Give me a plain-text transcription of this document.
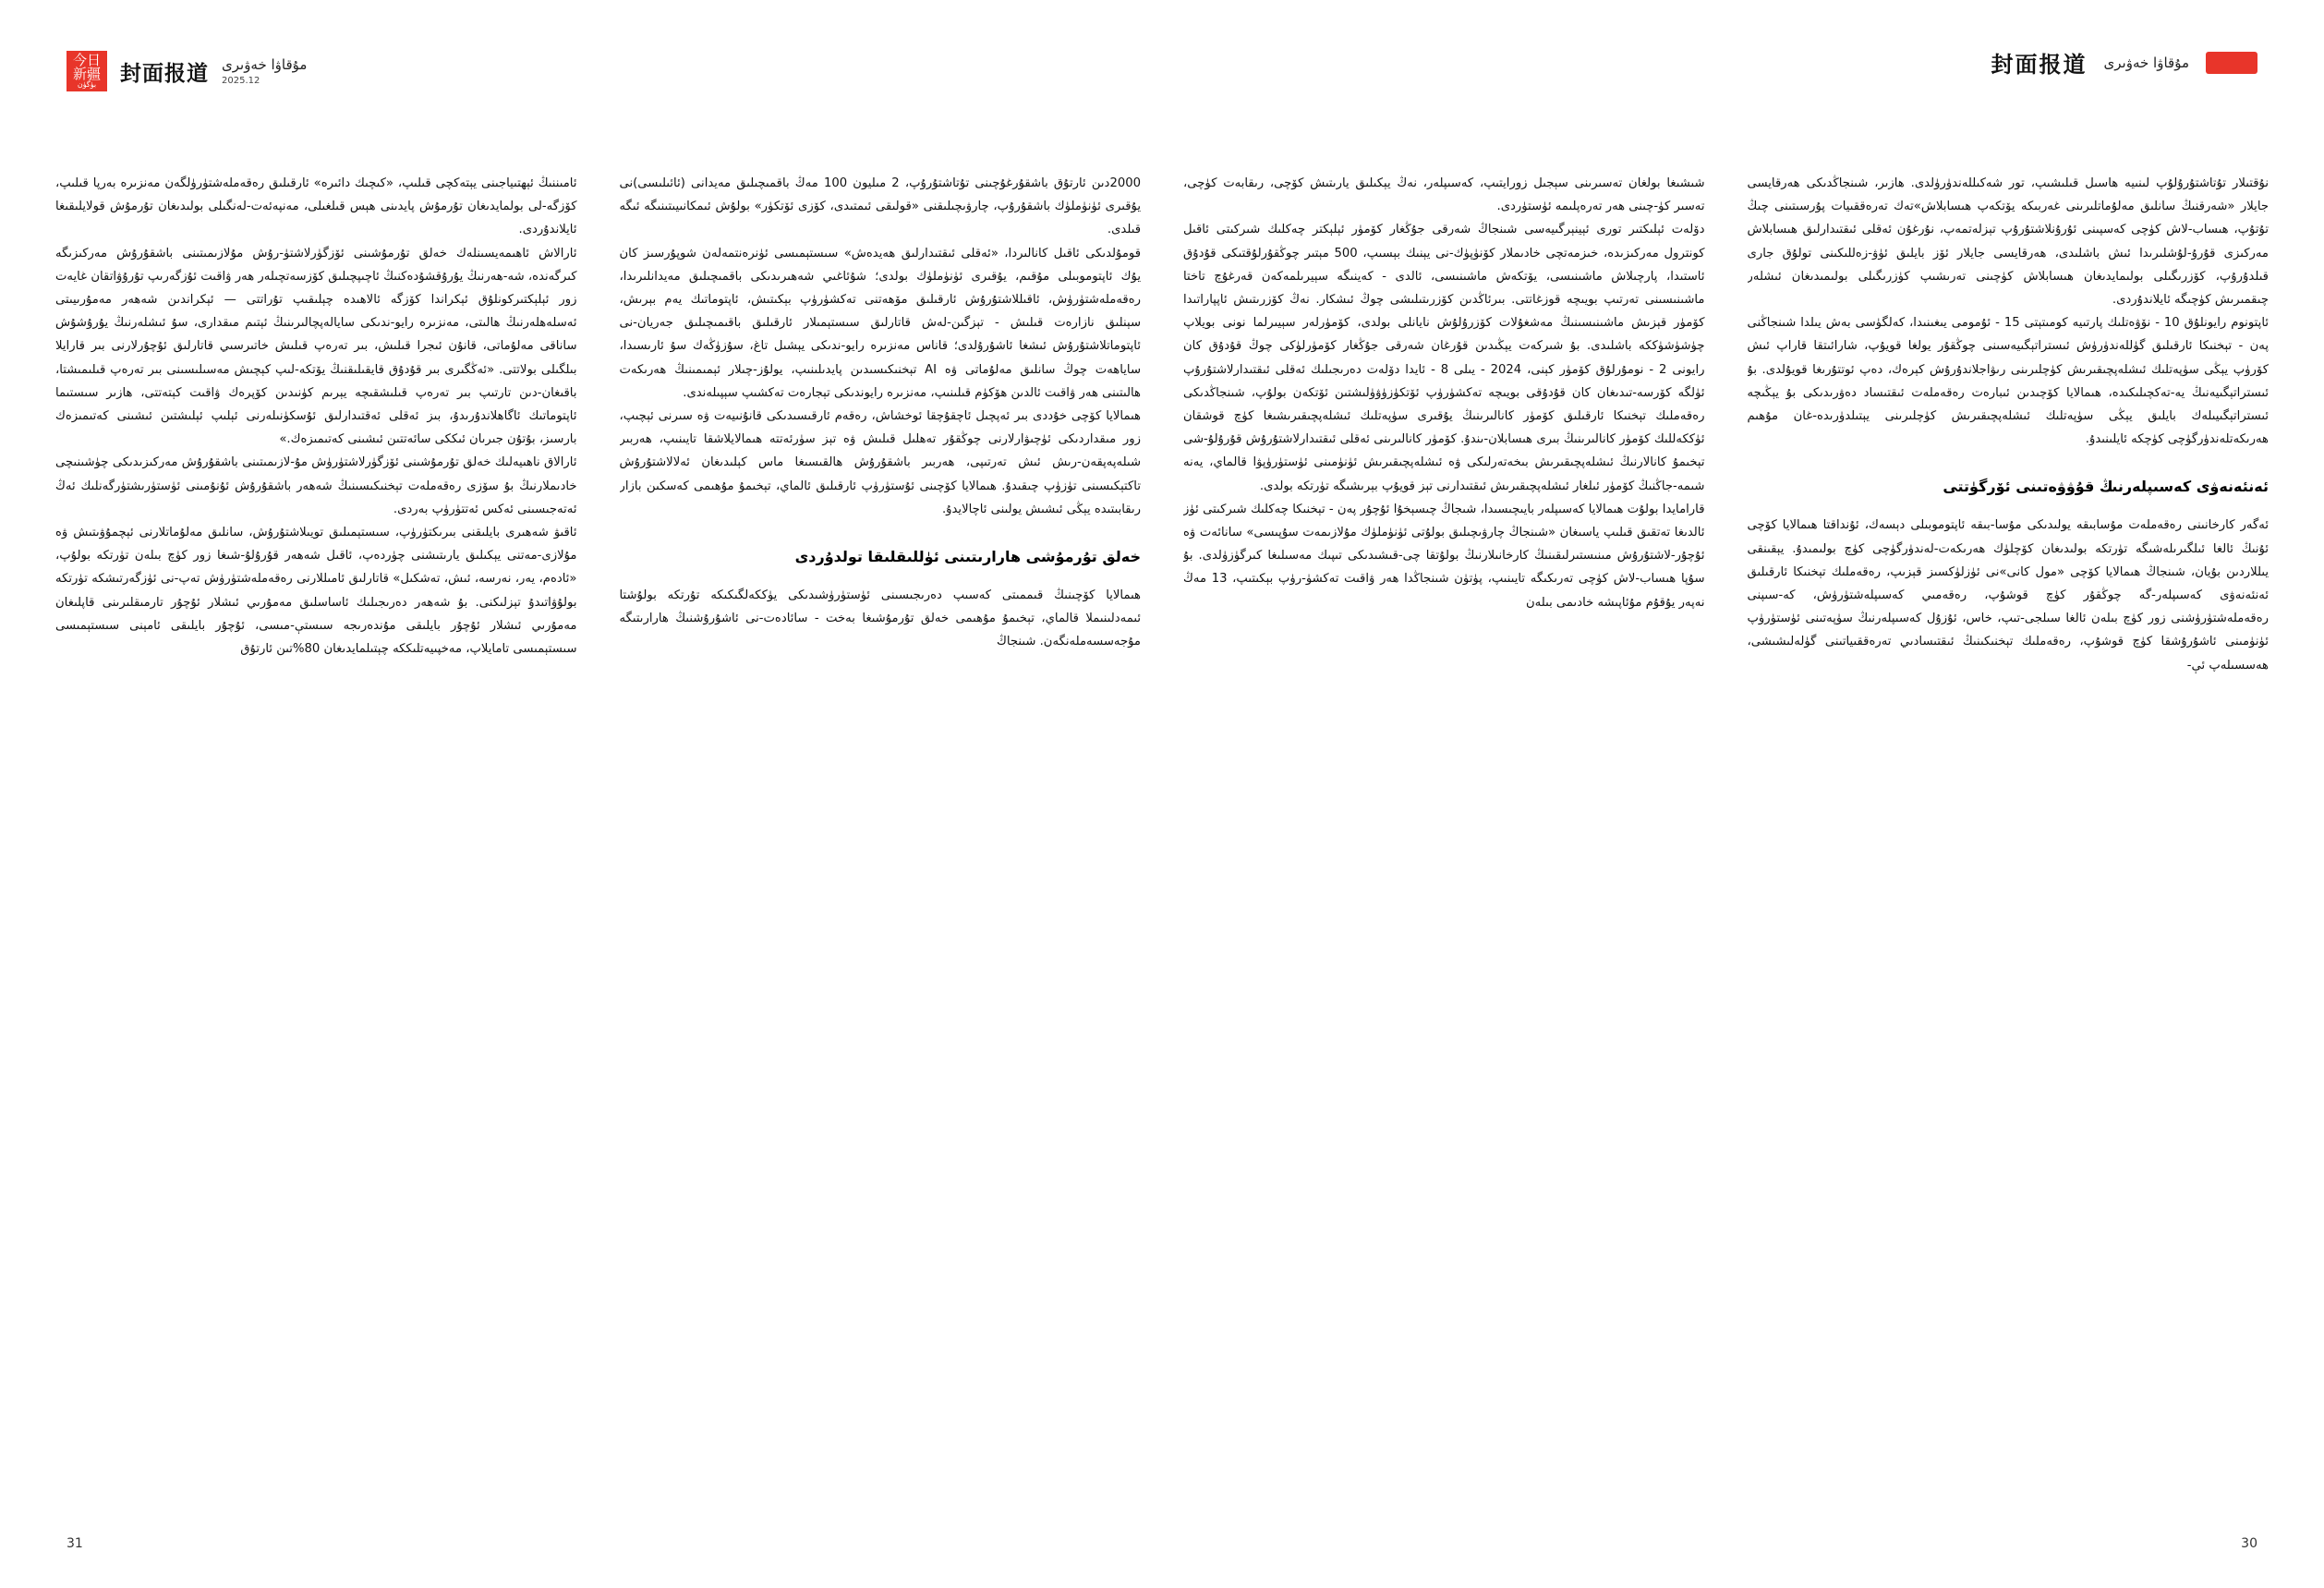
今日
新疆
بۈگۈن 封面报道 مۇقاۋا خەۋىرى
2025.12
封面报道 مۇقاۋا خەۋىرى

ئامىننىڭ ئېھتىياجىنى يېتەكچى قىلىپ، «كىچىك دائىرە» ئارقىلىق رەقەملەشتۈرۈلگەن مەنزىرە بەرپا قىلىپ، كۆزگە-لى بولمايدىغان تۇرمۇش پايدىنى ھېس قىلغىلى، مەنپەئەت-لەنگىلى بولىدىغان تۇرمۇش قولايلىقىغا ئايلاندۇردى.

ئارالاش ئاھىمەيسىنلەك خەلق تۇرمۇشىنى ئۆزگۈرلاشتۈ-رۇش مۇلازىمىتىنى باشقۇرۇش مەركىزىگە كىرگەندە، شە-ھەرنىڭ يۇرۇقشۇدەكنىڭ ئاچىپچىلىق كۆزسەتچىلەر ھەر ۋاقىت ئۇزگەرىپ تۇرۇۋاتقان غايەت زور ئېلېكتىركونلۇق ئېكراندا كۆزگە ئالاھىدە چېلىقىپ تۇراتتى — ئېكراندىن شەھەر مەمۇرىيىتى ئەسلەھلەرنىڭ ھالىتى، مەنزىرە رايو-ندىكى سايالەپچالىرىنىڭ ئېتىم مىقدارى، سۇ ئىشلەرنىڭ يۇرۇشۇش ساناقى مەلۇماتى، قانۇن ئىجرا قىلىش، بىر تەرەپ قىلىش خاتىرسىي قاتارلىق ئۇچۇرلارنى بىر قارايلا بىلگىلى بولاتتى. «ئەڭگىرى بىر قۇدۇق قايقىلىقنىڭ يۆتكە-لىپ كېچىش مەسىلىسىنى بىر تەرەپ قىلىمىشتا، باقىغان-دىن تارتىپ بىر تەرەپ قىلىشقىچە يېرىم كۈنىدىن كۆپرەك ۋاقىت كېتەتتى، ھازىر سىستىما ئاپتوماتىك ئاگاھلاندۇرىدۇ، بىز ئەقلى ئەقتىدارلىق ئۇسكۈنىلەرنى ئېلىپ ئېلىشتىن ئىشىنى كەتىمىزەك بارسىز، بۇتۇن جىرىان ئىككى سائەتتىن ئىشىنى كەتىمىزەك.»

ئارالاق ناھىيەلىك خەلق تۇرمۇشىنى ئۆزگۈرلاشتۈرۈش مۇ-لازىمىتىنى باشقۇرۇش مەركىزىدىكى چۈشىنىچى خادىملارنىڭ بۇ سۆزى رەقەملەت تېخنىكىسىنىڭ شەھەر باشقۇرۇش ئۇنۇمىنى ئۈستۈرىشتۈرگەنلىك ئەڭ ئەتەجىسىنى ئەكس ئەتتۈرۈپ بەردى.

ئاقىۋ شەھىرى بايلىقنى بىرىكتۈرۈپ، سىستېمىلىق تويىلاشتۇرۇش، سانلىق مەلۇماتلارنى ئېچمۇۋىتىش ۋە مۇلازى-مەتنى يېكىلىق يارىتىشنى چۈردەپ، ئاقىل شەھەر قۇرۇلۇ-شىغا زور كۈچ بىلەن تۈرتكە بولۇپ، «ئادەم، يەر، نەرسە، ئىش، تەشكىل» قاتارلىق ئامىللارنى رەقەملەشتۈرۈش تەپ-نى ئۈزگەرتىشكە تۈرتكە بولۇۋاتىدۇ تېزلىكنى. بۇ شەھەر دەرىجىلىك ئاساسلىق مەمۇرىي ئىشلار ئۇچۇر تارمىقلىرىنى قاپلىغان مەمۇرىي ئىشلار ئۇچۇر بايلىقى مۇندەرىجە سىستې-مىسى، ئۇچۇر بايلىقى ئامېنى سىستېمىسى سىستېمىسى تامايلاپ، مەخپىيەتلىككە چېتىلمايدىغان 80%تىن ئارتۇق

2000دىن ئارتۇق باشقۇرغۇچىنى تۇتاشتۇرۇپ، 2 مىليون 100 مەڭ باقمىچىلىق مەيدانى (ئائىلىسى)نى يۇقىرى ئۈنۈملۈك باشقۇرۇپ، چارۋىچىلىقنى «قولىقى ئىمتىدى، كۆزى ئۆتكۈر» بولۇش ئىمكانىيىتىنىگە ئىگە قىلدى.

قومۇلدىكى ئاقىل كانالىردا، «ئەقلى ئىقتىدارلىق ھەيدەش» سىستېمىسى ئۈنرەنتمەلەن شوپۇرسىز كان يۇك ئاپتوموبىلى مۇقىم، يۇقىرى ئۈنۈملۈك بولدى؛ شۇئاغىي شەھىرىدىكى باقمىچىلىق مەيدانلىرىدا، رەقەملەشتۈرۈش، ئاقىللاشتۇرۇش ئارقىلىق مۆھەتنى تەكشۈرۈپ بېكىتىش، ئاپتوماتىك يەم بېرىش، سېنلىق نازارەت قىلىش - تېزگىن-لەش قاتارلىق سىستېمىلار ئارقىلىق باقىمىچىلىق جەريان-نى ئاپتوماتلاشتۇرۇش ئىشغا ئاشۇرۇلدى؛ قاناس مەنزىرە رايو-ندىكى يېشىل تاغ، سۇزۈڭەك سۇ ئارىسىدا، ساياھەت چوڭ سانلىق مەلۇماتى ۋە AI تېخنىكىسىدىن پايدىلىنىپ، يولۇز-چىلار ئېمىمىنىڭ ھەرىكەت ھالىتىنى ھەر ۋاقىت ئالدىن ھۆكۈم قىلىنىپ، مەنزىرە رايوندىكى تېجارەت تەكشىپ سېپىلەندى.

ھىمالايا كۆچى خۇددى بىر ئەپچىل ئاچقۇچقا ئوخشاش، رەقەم ئارقىسىدىكى قانۇنىيەت ۋە سىرنى ئېچىپ، زور مىقداردىكى ئۈچىۋارلارنى چوڭقۇر تەھلىل قىلىش ۋە تېز سۈرئەتتە ھىمالايلاشقا تايىنىپ، ھەربىر شىلەپەپقەن-رىش ئىش تەرتىپى، ھەربىر باشقۇرۇش ھالقىسىغا ماس كېلىدىغان ئەلالاشتۇرۇش تاكتېكىسىنى تۈزۈپ چىقىدۇ. ھىمالايا كۆچىنى ئۇستۈرۈپ ئارقىلىق ئالماي، تېخىمۇ مۇھىمى كەسكىن بازار رىقابىتىدە يېڭى ئىشىش يولىنى ئاچالايدۇ.

خەلق تۇرمۇشى ھارارىتىنى ئۈللىقلىقا تولدۇردى

ھىمالايا كۆچىنىڭ قىممىتى كەسىپ دەرىجىسىنى ئۈستۈرۈشىدىكى يۈككەلگىكىكە تۇرتكە بولۇشتا ئىمەدلىنىملا قالماي، تېخىمۇ مۇھىمى خەلق تۇرمۇشىغا بەخت - سائادەت-نى ئاشۇرۇشنىڭ ھارارىتىگە مۇجەسسەملەنگەن. شىنجاڭ

شىشىغا بولغان تەسىرىنى سېجىل زورايتىپ، كەسىپلەر، نەڭ يېكىلىق يارىتىش كۆچى، رىقابەت كۈچى، تەسىر كۈ-چىنى ھەر تەرەپلىمە ئۈستۈردى.

دۆلەت ئېلىكتىر تورى ئېينېرگىيەسى شىنجاڭ شەرقى جۇڭغار كۆمۈر ئېلېكتر چەكلىك شىركىتى ئاقىل كونترول مەركىزىدە، خىزمەتچى خادىملار كۆنۈپۈك-نى يېنىك بېسىپ، 500 مېتىر چوڭقۇرلۇقتىكى قۇدۇق ئاستىدا، پارچىلاش ماشىنىسى، يۆتكەش ماشىنىسى، ئالدى - كەينىگە سېيرىلمەكەن قەرغۇچ تاختا ماشىنىسىنى تەرتىپ بويىچە قوزغاتتى. بىرئاڭدىن كۆزرىتىلىشى چوڭ ئىشكار. نەڭ كۆزرىتىش ئاپپاراتىدا كۆمۈر قېزىش ماشىنىسىنىڭ مەشغۇلات كۆزرۇلۇش نايانلى بولدى، كۆمۈرلەر سېيىرلما نونى بويلاپ چۈشۈشۈككە باشلىدى. بۇ شىركەت يېڭىدىن قۇرغان شەرقى جۇڭغار كۆمۈرلۈكى چوڭ قۇدۇق كان رايونى 2 - نومۇرلۇق كۆمۈر كېنى، 2024 - يىلى 8 - ئايدا دۆلەت دەرىجىلىك ئەقلى ئىقتىدارلاشتۇرۇپ ئۈلگە كۆرسە-تىدىغان كان قۇدۇقى بويىچە تەكشۈرۈپ ئۆتكۈزۈۋۈلىشتىن ئۆتكەن بولۇپ، شىنجاڭدىكى رەقەملىك تېخنىكا ئارقىلىق كۆمۈر كانالىرىنىڭ يۇقىرى سۈپەتلىك ئىشلەپچىقىرىشىغا كۈچ قوشقان ئۈككەللىك كۆمۈر كانالىرىنىڭ بىرى ھىسابلان-ىندۇ. كۆمۈر كانالىرىنى ئەقلى ئىقتىدارلاشتۇرۇش قۇرۇلۇ-شى تېخىمۇ كانالارنىڭ ئىشلەپچىقىرىش بىخەتەرلىكى ۋە ئىشلەپچىقىرىش ئۈنۈمىنى ئۈستۈرۈپۋا قالماي، يەنە شىمە-جاڭنىڭ كۆمۈر ئىلغار ئىشلەپچىقىرىش ئىقتىدارنى تېز قويۇپ بېرىشىگە تۈرتكە بولدى.

قارامايدا بولۇت ھىمالايا كەسىپلەر بايىچىسىدا، شىجاڭ چىسېخۇا ئۇچۇر پەن - تېخنىكا چەكلىك شىركىتى ئۈز ئالدىغا تەتقىق قىلىپ ياسىغان «شىنجاڭ چارۋىچىلىق بولۇتى ئۈنۈملۈك مۇلازىمەت سۇپىسى» سانائەت ۋە ئۇچۇر-لاشتۇرۇش مىنىستىرلىقىنىڭ كارخانىلارنىڭ بولۇتقا چى-قىشىدىكى تىپىك مەسىلىغا كىرگۈزۈلدى. بۇ سۇپا ھىساب-لاش كۈچى تەرىكىگە تايىنىپ، پۈتۈن شىنجاڭدا ھەر ۋاقىت تەكشۈ-رۈپ بېكىتىپ، 13 مەڭ نەپەر يۇقۇم مۇئاپىشە خادىمى بىلەن

نۇقتىلار تۇتاشتۇرۇلۇپ لىنىيە ھاسىل قىلىشىپ، تور شەكىللەندۈرۈلدى. ھازىر، شىنجاڭدىكى ھەرقايسى جايلار «شەرقنىڭ سانلىق مەلۇماتلىرىنى غەربىكە يۆتكەپ ھىسابلاش»تەك تەرەققىيات پۇرسىتىنى چىڭ تۇتۇپ، ھىساب-لاش كۈچى كەسپىنى ئۇرۇنلاشتۇرۇپ تېزلەتمەپ، نۇرغۇن ئەقلى ئىقتىدارلىق ھىسابلاش مەركىزى قۇرۇ-لۇشلىرىدا ئىش باشلىدى، ھەرقايسى جايلار ئۆز بايلىق ئۈۋ-زەللىكىنى تولۇق جارى قىلدۇرۇپ، كۆزرىگىلى بولىمايدىغان ھىسابلاش كۈچىنى تەرىشىپ كۈزرىگىلى بولىمىدىغان ئىشلەر چىقمىرىش كۈچىگە ئايلاندۇردى.

ئاپتونوم رايونلۇق 10 - نۆۋەتلىك پارتىيە كومىتېتى 15 - ئۇمومى يىغىنىدا، كەلگۈسى بەش يىلدا شىنجاڭنى پەن - تېخنىكا ئارقىلىق گۈللەندۈرۈش ئىستراتېگىيەسىنى چوڭقۇر يولغا قويۇپ، شارائىتقا قاراپ ئىش كۆرۈپ يېڭى سۈپەتلىك ئىشلەپچىقىرىش كۈچلىرىنى رىۋاجلاندۇرۇش كېرەك، دەپ ئوتتۇرىغا قويۇلدى. بۇ ئىستراتېگىيەنىڭ يە-تەكچىلىكىدە، ھىمالايا كۆچىدىن ئىبارەت رەقەملەت ئىقتىساد دەۋرىدىكى بۇ يېڭىچە ئىستراتېگىيىلەك بايلىق يېڭى سۈپەتلىك ئىشلەپچىقىرىش كۈچلىرىنى يېتىلدۈرىدە-غان مۇھىم ھەرىكەتلەندۈرگۈچى كۈچكە ئايلىنىدۇ.

ئەنئەنەۋى كەسىپلەرنىڭ قۇۋۋەتىنى ئۆرگۈتتى

ئەگەر كارخانىنى رەقەملەت مۇسابىقە يولىدىكى مۇسا-بىقە ئاپتوموبىلى دېسەك، ئۇنداقتا ھىمالايا كۆچى ئۇنىڭ ئالغا ئىلگىرىلەشىگە تۈرتكە بولىدىغان كۆچلۈك ھەرىكەت-لەندۈرگۈچى كۈچ بولىمىدۇ. يېقىنقى يىللاردىن بۇيان، شىنجاڭ ھىمالايا كۆچى «مول كانى»نى ئۈزلۈكسىز قېزىپ، رەقەملىك تېخنىكا ئارقىلىق ئەنئەنەۋى كەسىپلەر-گە چوڭقۇر كۈچ قوشۇپ، رەقەمىي كەسىپلەشتۈرۈش، كە-سىپنى رەقەملەشتۈرۈشنى زور كۈچ بىلەن ئالغا سىلجى-تىپ، خاس، ئۇزۇل كەسىپلەرنىڭ سۈپەتىنى ئۈستۈرۈپ ئۈنۈمىنى ئاشۇرۇشقا كۈچ قوشۇپ، رەقەملىك تېخنىكىنىڭ ئىقتىسادىي تەرەققىياتىنى گۈلەلىشىشى، ھەسسىلەپ ئې-

31	30
